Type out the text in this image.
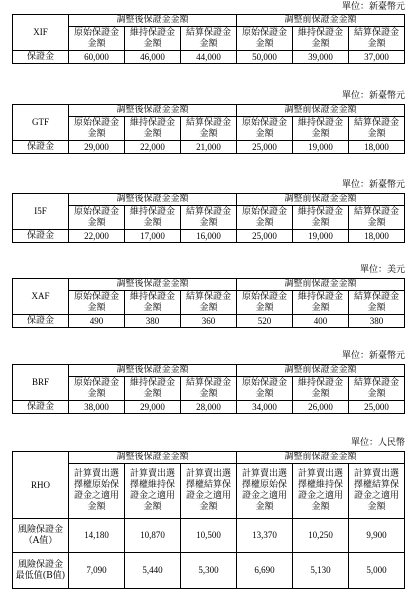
單位：新臺幣元
XIF	調整後保證金金額			調整前保證金金額		
	原始保證金金額	維持保證金金額	結算保證金金額	原始保證金金額	維持保證金金額	結算保證金金額
保證金	60,000	46,000	44,000	50,000	39,000	37,000
單位：新臺幣元
GTF	調整後保證金金額			調整前保證金金額		
	原始保證金金額	維持保證金金額	結算保證金金額	原始保證金金額	維持保證金金額	結算保證金金額
保證金	29,000	22,000	21,000	25,000	19,000	18,000
單位：新臺幣元
I5F	調整後保證金金額			調整前保證金金額		
	原始保證金金額	維持保證金金額	結算保證金金額	原始保證金金額	維持保證金金額	結算保證金金額
保證金	22,000	17,000	16,000	25,000	19,000	18,000
單位：美元
XAF	調整後保證金金額			調整前保證金金額		
	原始保證金金額	維持保證金金額	結算保證金金額	原始保證金金額	維持保證金金額	結算保證金金額
保證金	490	380	360	520	400	380
單位：新臺幣元
BRF	調整後保證金金額			調整前保證金金額		
	原始保證金金額	維持保證金金額	結算保證金金額	原始保證金金額	維持保證金金額	結算保證金金額
保證金	38,000	29,000	28,000	34,000	26,000	25,000
單位：人民幣
RHO	調整後保證金金額			調整前保證金金額		
	計算賣出選擇權原始保證金之適用金額	計算賣出選擇權維持保證金之適用金額	計算賣出選擇權結算保證金之適用金額	計算賣出選擇權原始保證金之適用金額	計算賣出選擇權維持保證金之適用金額	計算賣出選擇權結算保證金之適用金額
風險保證金（A值）	14,180	10,870	10,500	13,370	10,250	9,900
風險保證金最低值(B值)	7,090	5,440	5,300	6,690	5,130	5,000
